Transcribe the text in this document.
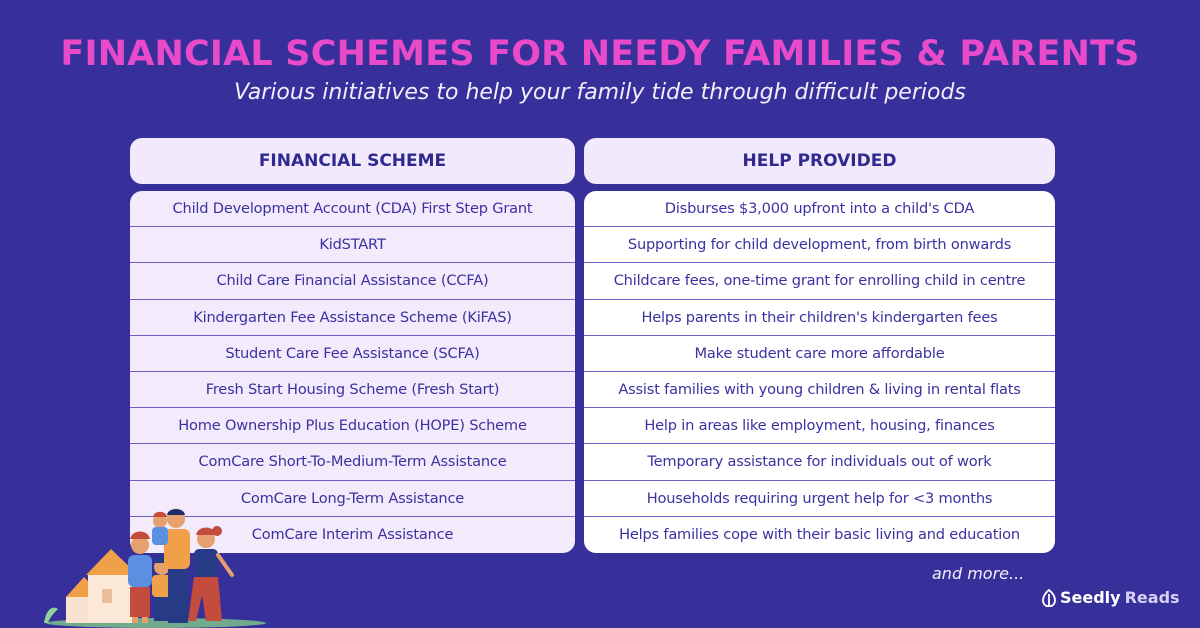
FINANCIAL SCHEMES FOR NEEDY FAMILIES & PARENTS
Various initiatives to help your family tide through difficult periods
FINANCIAL SCHEME
Child Development Account (CDA) First Step Grant
KidSTART
Child Care Financial Assistance (CCFA)
Kindergarten Fee Assistance Scheme (KiFAS)
Student Care Fee Assistance (SCFA)
Fresh Start Housing Scheme (Fresh Start)
Home Ownership Plus Education (HOPE) Scheme
ComCare Short-To-Medium-Term Assistance
ComCare Long-Term Assistance
ComCare Interim Assistance
HELP PROVIDED
Disburses $3,000 upfront into a child's CDA
Supporting for child development, from birth onwards
Childcare fees, one-time grant for enrolling child in centre
Helps parents in their children's kindergarten fees
Make student care more affordable
Assist families with young children & living in rental flats
Help in areas like employment, housing, finances
Temporary assistance for individuals out of work
Households requiring urgent help for <3 months
Helps families cope with their basic living and education
and more...
Seedly Reads
